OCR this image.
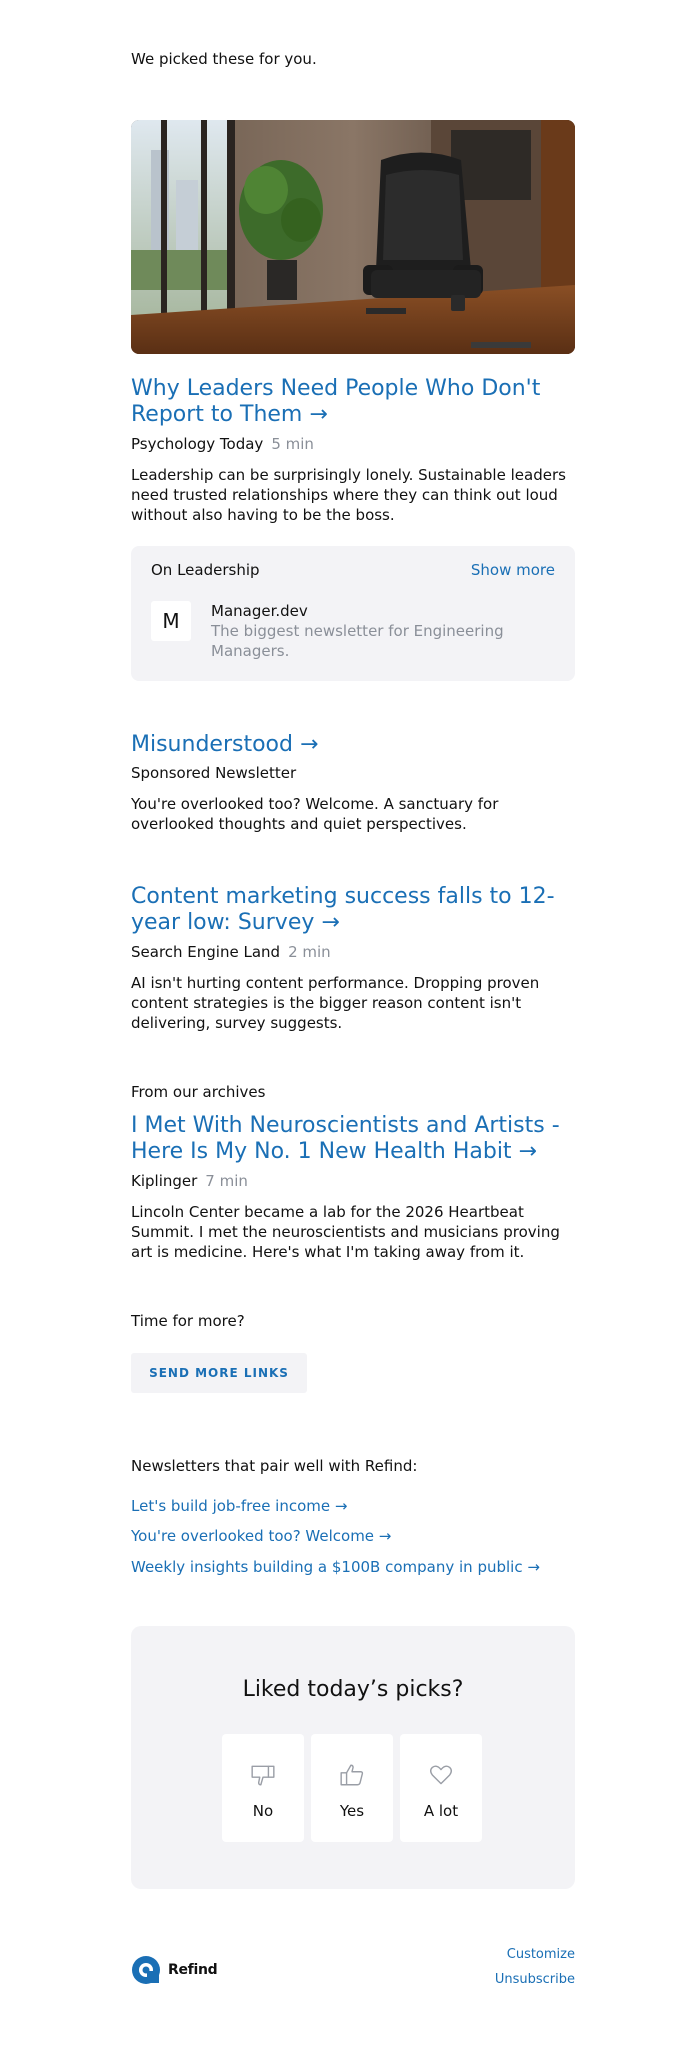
We picked these for you.
Why Leaders Need People Who Don't Report to Them →
Psychology Today 5 min
Leadership can be surprisingly lonely. Sustainable leaders need trusted relationships where they can think out loud without also having to be the boss.
On Leadership	Show more
M	Manager.dev
The biggest newsletter for Engineering Managers.
Misunderstood →
Sponsored Newsletter
You're overlooked too? Welcome. A sanctuary for overlooked thoughts and quiet perspectives.
Content marketing success falls to 12-year low: Survey →
Search Engine Land 2 min
AI isn't hurting content performance. Dropping proven content strategies is the bigger reason content isn't delivering, survey suggests.
From our archives
I Met With Neuroscientists and Artists - Here Is My No. 1 New Health Habit →
Kiplinger 7 min
Lincoln Center became a lab for the 2026 Heartbeat Summit. I met the neuroscientists and musicians proving art is medicine. Here's what I'm taking away from it.
Time for more?
SEND MORE LINKS
Newsletters that pair well with Refind:
Let's build job-free income →
You're overlooked too? Welcome →
Weekly insights building a $100B company in public →
Liked today’s picks?
No	Yes	A lot
Refind
Customize
Unsubscribe
